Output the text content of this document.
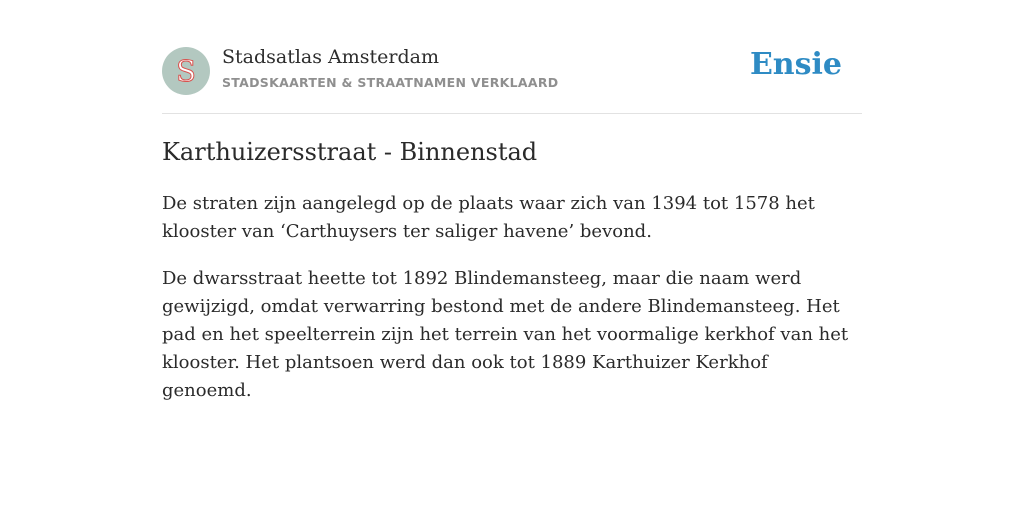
S Stadsatlas Amsterdam
STADSKAARTEN & STRAATNAMEN VERKLAARD
Ensie
Karthuizersstraat - Binnenstad

De straten zijn aangelegd op de plaats waar zich van 1394 tot 1578 het klooster van ‘Carthuysers ter saliger havene’ bevond.

De dwarsstraat heette tot 1892 Blindemansteeg, maar die naam werd gewijzigd, omdat verwarring bestond met de andere Blindemansteeg. Het pad en het speelterrein zijn het terrein van het voormalige kerkhof van het klooster. Het plantsoen werd dan ook tot 1889 Karthuizer Kerkhof genoemd.
